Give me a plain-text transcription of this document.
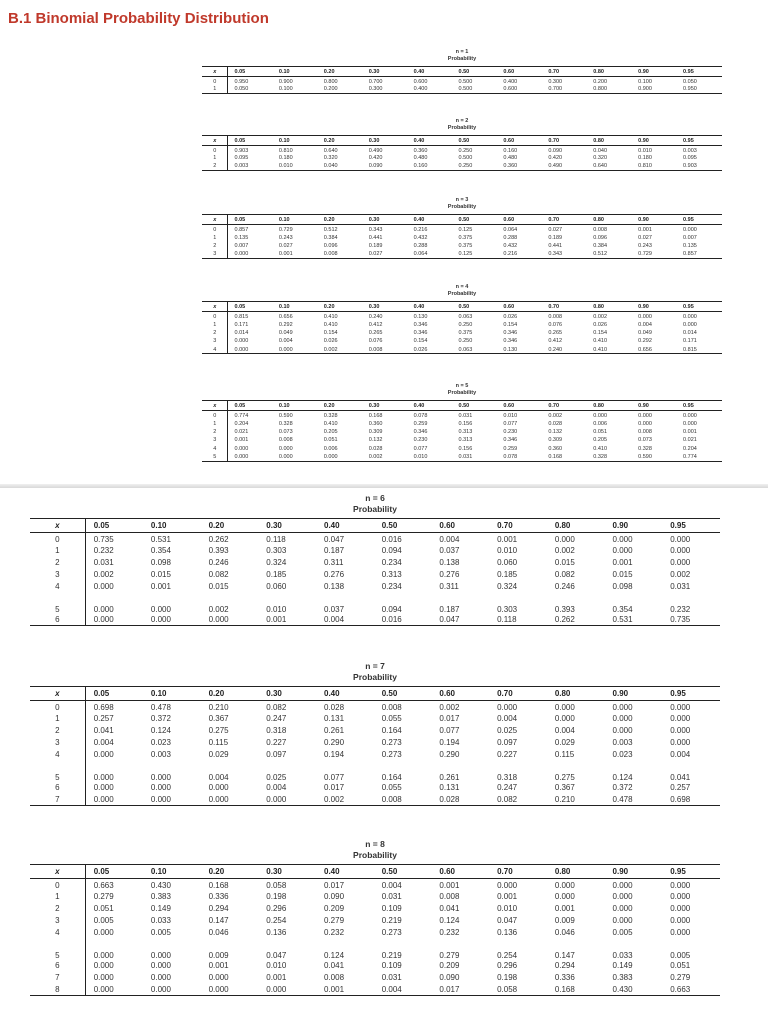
B.1 Binomial Probability Distribution
n = 1
Probability
x	0.05	0.10	0.20	0.30	0.40	0.50	0.60	0.70	0.80	0.90	0.95
0	0.950	0.900	0.800	0.700	0.600	0.500	0.400	0.300	0.200	0.100	0.050
1	0.050	0.100	0.200	0.300	0.400	0.500	0.600	0.700	0.800	0.900	0.950
n = 2
Probability
x	0.05	0.10	0.20	0.30	0.40	0.50	0.60	0.70	0.80	0.90	0.95
0	0.903	0.810	0.640	0.490	0.360	0.250	0.160	0.090	0.040	0.010	0.003
1	0.095	0.180	0.320	0.420	0.480	0.500	0.480	0.420	0.320	0.180	0.095
2	0.003	0.010	0.040	0.090	0.160	0.250	0.360	0.490	0.640	0.810	0.903
n = 3
Probability
x	0.05	0.10	0.20	0.30	0.40	0.50	0.60	0.70	0.80	0.90	0.95
0	0.857	0.729	0.512	0.343	0.216	0.125	0.064	0.027	0.008	0.001	0.000
1	0.135	0.243	0.384	0.441	0.432	0.375	0.288	0.189	0.096	0.027	0.007
2	0.007	0.027	0.096	0.189	0.288	0.375	0.432	0.441	0.384	0.243	0.135
3	0.000	0.001	0.008	0.027	0.064	0.125	0.216	0.343	0.512	0.729	0.857
n = 4
Probability
x	0.05	0.10	0.20	0.30	0.40	0.50	0.60	0.70	0.80	0.90	0.95
0	0.815	0.656	0.410	0.240	0.130	0.063	0.026	0.008	0.002	0.000	0.000
1	0.171	0.292	0.410	0.412	0.346	0.250	0.154	0.076	0.026	0.004	0.000
2	0.014	0.049	0.154	0.265	0.346	0.375	0.346	0.265	0.154	0.049	0.014
3	0.000	0.004	0.026	0.076	0.154	0.250	0.346	0.412	0.410	0.292	0.171
4	0.000	0.000	0.002	0.008	0.026	0.063	0.130	0.240	0.410	0.656	0.815
n = 5
Probability
x	0.05	0.10	0.20	0.30	0.40	0.50	0.60	0.70	0.80	0.90	0.95
0	0.774	0.590	0.328	0.168	0.078	0.031	0.010	0.002	0.000	0.000	0.000
1	0.204	0.328	0.410	0.360	0.259	0.156	0.077	0.028	0.006	0.000	0.000
2	0.021	0.073	0.205	0.309	0.346	0.313	0.230	0.132	0.051	0.008	0.001
3	0.001	0.008	0.051	0.132	0.230	0.313	0.346	0.309	0.205	0.073	0.021
4	0.000	0.000	0.006	0.028	0.077	0.156	0.259	0.360	0.410	0.328	0.204
5	0.000	0.000	0.000	0.002	0.010	0.031	0.078	0.168	0.328	0.590	0.774
n = 6
Probability
x	0.05	0.10	0.20	0.30	0.40	0.50	0.60	0.70	0.80	0.90	0.95
0	0.735	0.531	0.262	0.118	0.047	0.016	0.004	0.001	0.000	0.000	0.000
1	0.232	0.354	0.393	0.303	0.187	0.094	0.037	0.010	0.002	0.000	0.000
2	0.031	0.098	0.246	0.324	0.311	0.234	0.138	0.060	0.015	0.001	0.000
3	0.002	0.015	0.082	0.185	0.276	0.313	0.276	0.185	0.082	0.015	0.002
4	0.000	0.001	0.015	0.060	0.138	0.234	0.311	0.324	0.246	0.098	0.031
5	0.000	0.000	0.002	0.010	0.037	0.094	0.187	0.303	0.393	0.354	0.232
6	0.000	0.000	0.000	0.001	0.004	0.016	0.047	0.118	0.262	0.531	0.735
n = 7
Probability
x	0.05	0.10	0.20	0.30	0.40	0.50	0.60	0.70	0.80	0.90	0.95
0	0.698	0.478	0.210	0.082	0.028	0.008	0.002	0.000	0.000	0.000	0.000
1	0.257	0.372	0.367	0.247	0.131	0.055	0.017	0.004	0.000	0.000	0.000
2	0.041	0.124	0.275	0.318	0.261	0.164	0.077	0.025	0.004	0.000	0.000
3	0.004	0.023	0.115	0.227	0.290	0.273	0.194	0.097	0.029	0.003	0.000
4	0.000	0.003	0.029	0.097	0.194	0.273	0.290	0.227	0.115	0.023	0.004
5	0.000	0.000	0.004	0.025	0.077	0.164	0.261	0.318	0.275	0.124	0.041
6	0.000	0.000	0.000	0.004	0.017	0.055	0.131	0.247	0.367	0.372	0.257
7	0.000	0.000	0.000	0.000	0.002	0.008	0.028	0.082	0.210	0.478	0.698
n = 8
Probability
x	0.05	0.10	0.20	0.30	0.40	0.50	0.60	0.70	0.80	0.90	0.95
0	0.663	0.430	0.168	0.058	0.017	0.004	0.001	0.000	0.000	0.000	0.000
1	0.279	0.383	0.336	0.198	0.090	0.031	0.008	0.001	0.000	0.000	0.000
2	0.051	0.149	0.294	0.296	0.209	0.109	0.041	0.010	0.001	0.000	0.000
3	0.005	0.033	0.147	0.254	0.279	0.219	0.124	0.047	0.009	0.000	0.000
4	0.000	0.005	0.046	0.136	0.232	0.273	0.232	0.136	0.046	0.005	0.000
5	0.000	0.000	0.009	0.047	0.124	0.219	0.279	0.254	0.147	0.033	0.005
6	0.000	0.000	0.001	0.010	0.041	0.109	0.209	0.296	0.294	0.149	0.051
7	0.000	0.000	0.000	0.001	0.008	0.031	0.090	0.198	0.336	0.383	0.279
8	0.000	0.000	0.000	0.000	0.001	0.004	0.017	0.058	0.168	0.430	0.663
